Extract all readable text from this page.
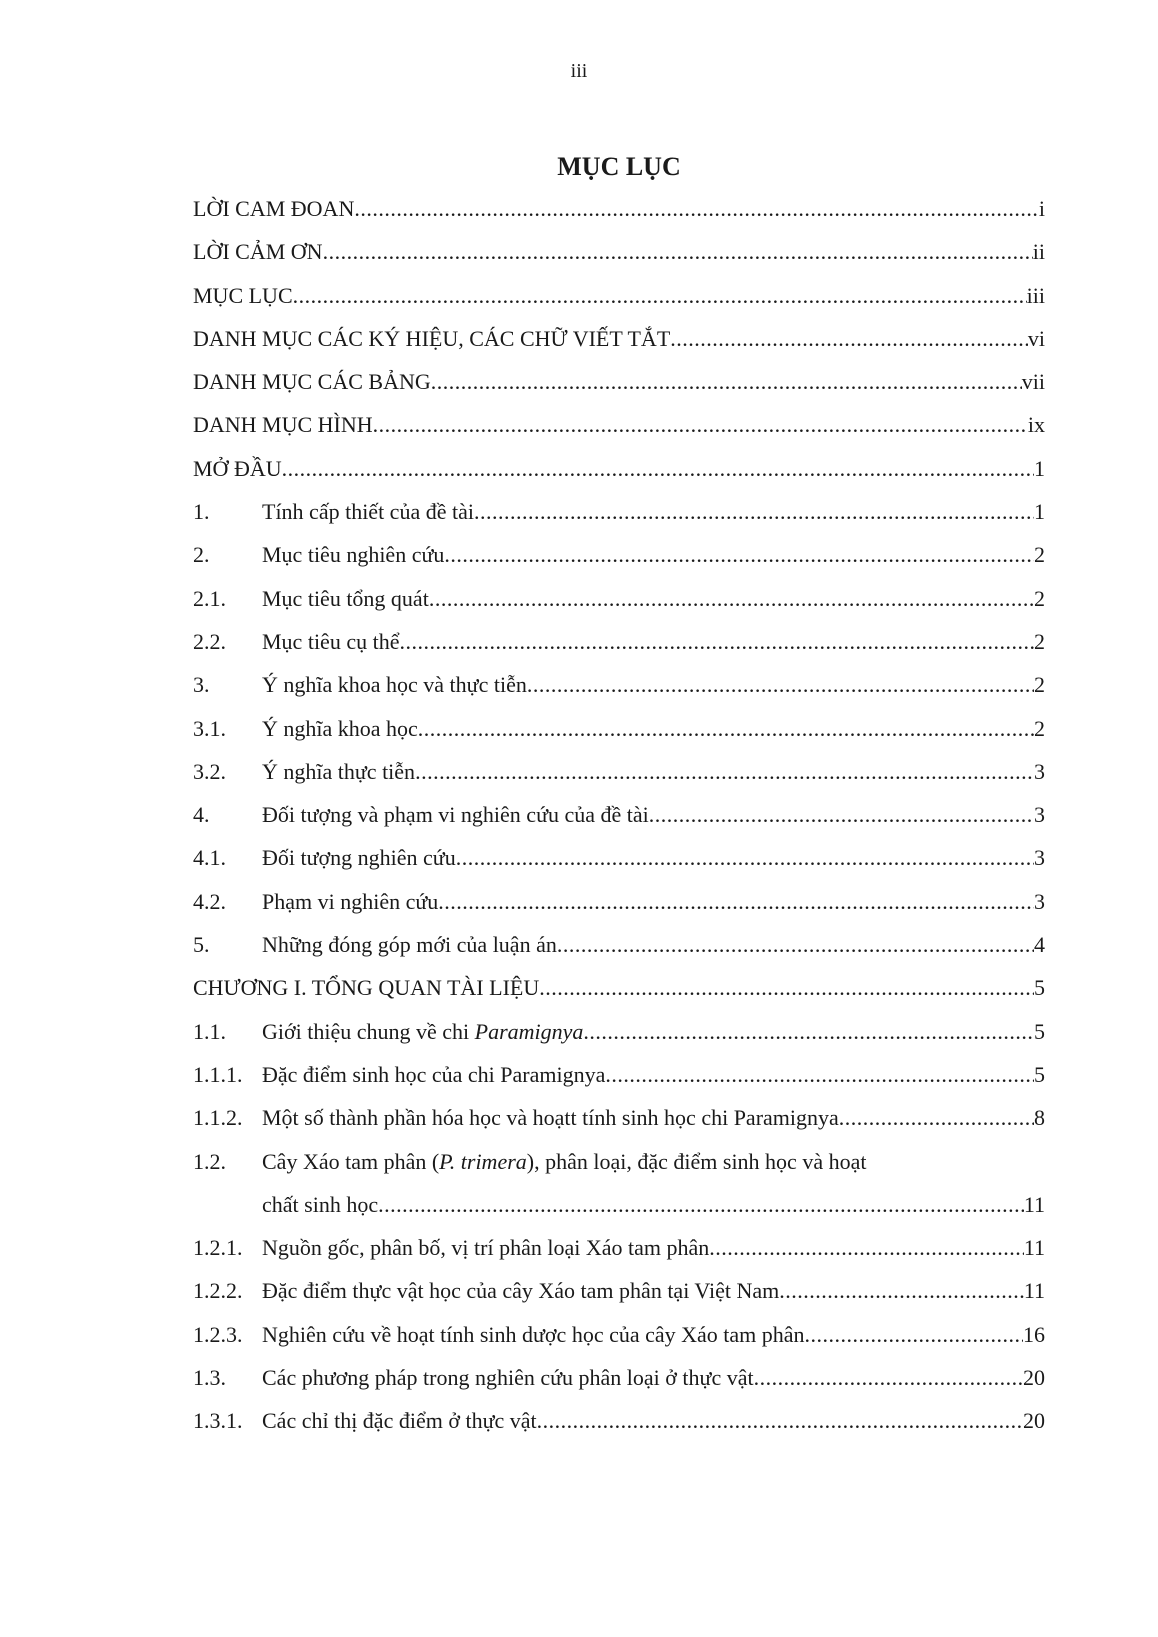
iii
MỤC LỤC
LỜI CAM ĐOAN .....	i
LỜI CẢM ƠN .....	ii
MỤC LỤC .....	iii
DANH MỤC CÁC KÝ HIỆU, CÁC CHỮ VIẾT TẮT .....	vi
DANH MỤC CÁC BẢNG .....	vii
DANH MỤC HÌNH .....	ix
MỞ ĐẦU .....	1
1.	Tính cấp thiết của đề tài .....	1
2.	Mục tiêu nghiên cứu .....	2
2.1.	Mục tiêu tổng quát .....	2
2.2.	Mục tiêu cụ thể .....	2
3.	Ý nghĩa khoa học và thực tiễn .....	2
3.1.	Ý nghĩa khoa học .....	2
3.2.	Ý nghĩa thực tiễn .....	3
4.	Đối tượng và phạm vi nghiên cứu của đề tài .....	3
4.1.	Đối tượng nghiên cứu .....	3
4.2.	Phạm vi nghiên cứu .....	3
5.	Những đóng góp mới của luận án .....	4
CHƯƠNG I. TỔNG QUAN TÀI LIỆU .....	5
1.1.	Giới thiệu chung về chi Paramignya .....	5
1.1.1. Đặc điểm sinh học của chi Paramignya .....	5
1.1.2. Một số thành phần hóa học và hoạtt tính sinh học chi Paramignya .....	8
1.2.	Cây Xáo tam phân (P. trimera), phân loại, đặc điểm sinh học và hoạt
chất sinh học .....	11
1.2.1. Nguồn gốc, phân bố, vị trí phân loại Xáo tam phân .....	11
1.2.2. Đặc điểm thực vật học của cây Xáo tam phân tại Việt Nam .....	11
1.2.3. Nghiên cứu về hoạt tính sinh dược học của cây Xáo tam phân .....	16
1.3.	Các phương pháp trong nghiên cứu phân loại ở thực vật .....	20
1.3.1. Các chỉ thị đặc điểm ở thực vật .....	20
